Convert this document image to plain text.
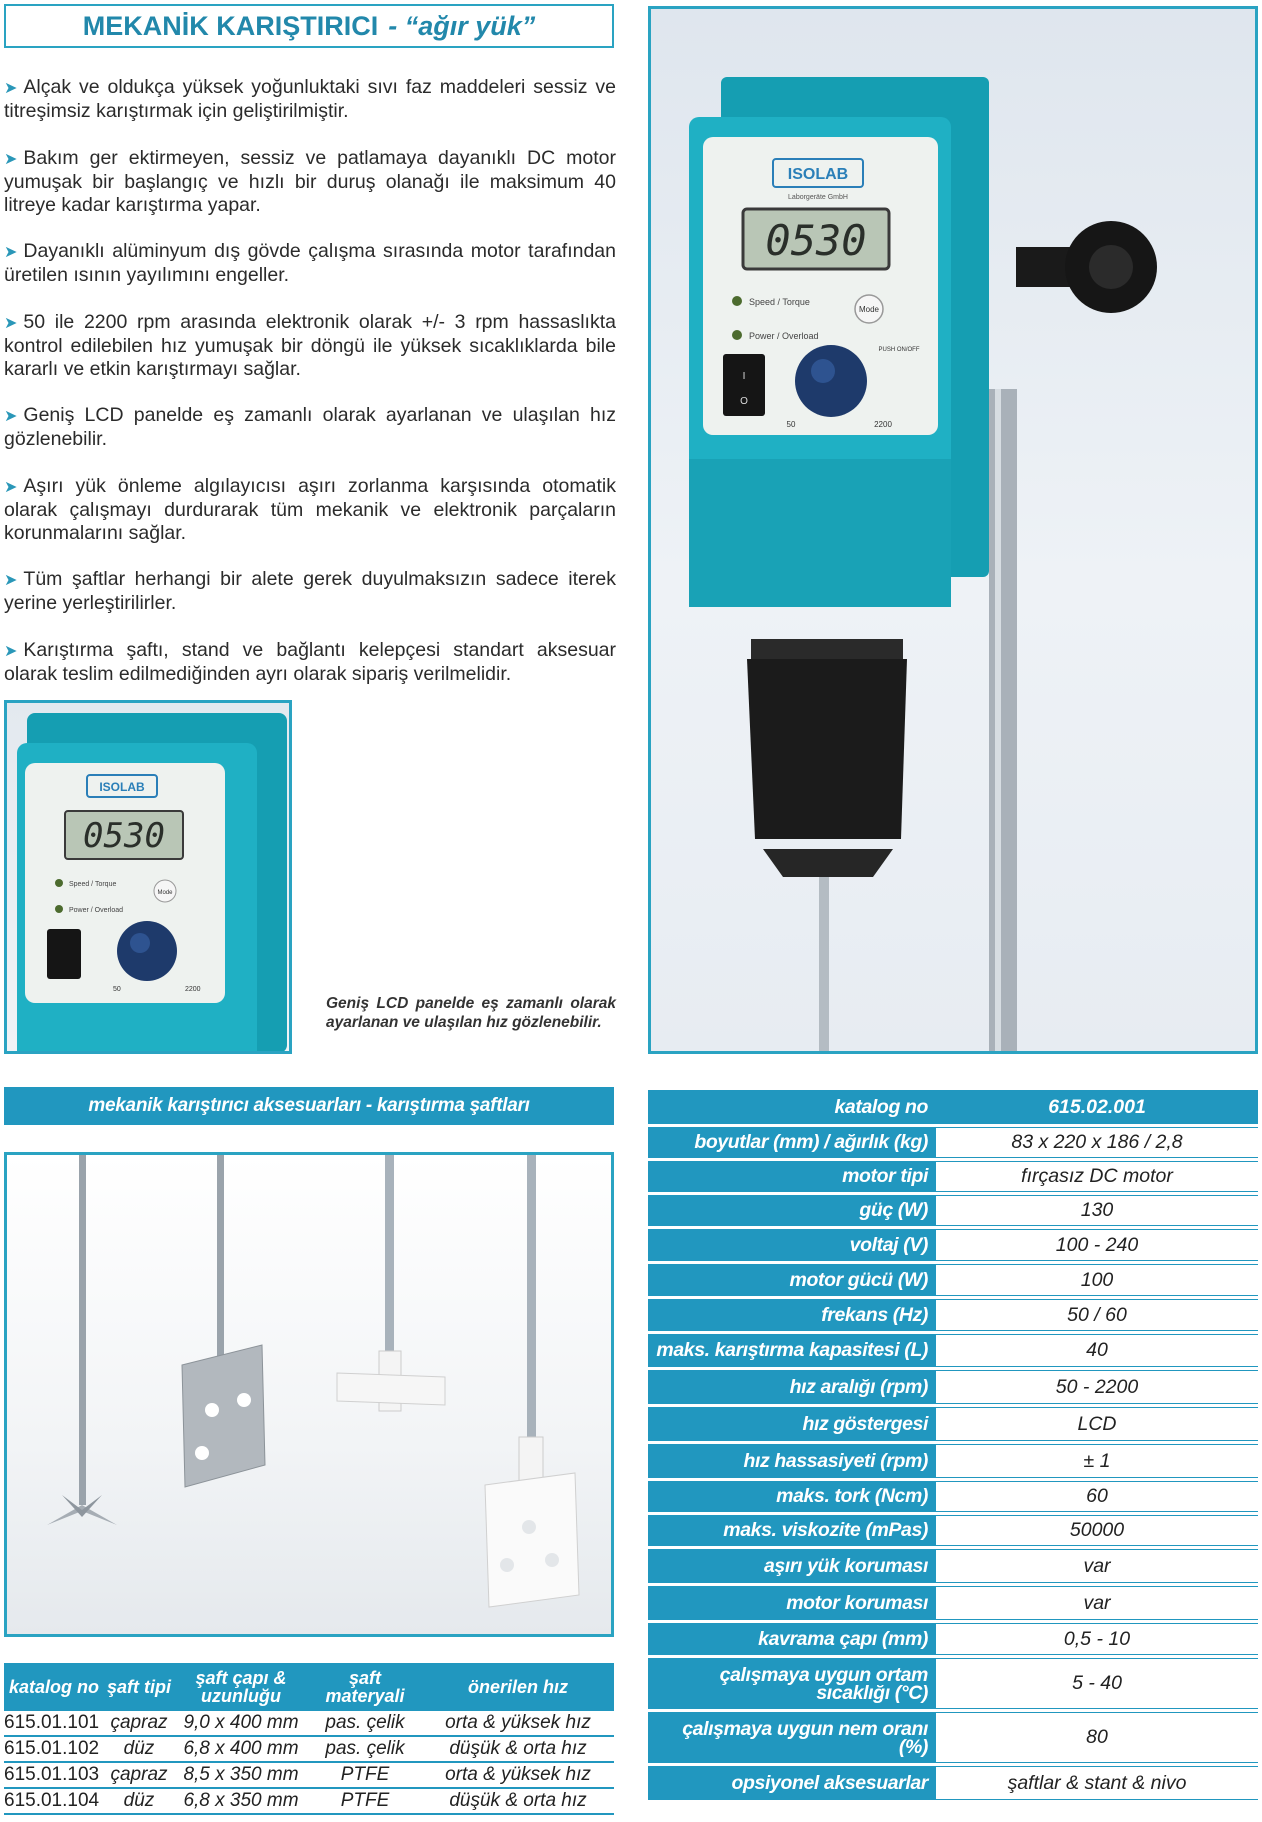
MEKANİK KARIŞTIRICI - “ağır yük”
➤ Alçak ve oldukça yüksek yoğunluktaki sıvı faz maddeleri sessiz ve titreşimsiz karıştırmak için geliştirilmiştir.
➤ Bakım ger ektirmeyen, sessiz ve patlamaya dayanıklı DC motor yumuşak bir başlangıç ve hızlı bir duruş olanağı ile maksimum 40 litreye kadar karıştırma yapar.
➤ Dayanıklı alüminyum dış gövde çalışma sırasında motor tarafından üretilen ısının yayılımını engeller.
➤ 50 ile 2200 rpm arasında elektronik olarak +/- 3 rpm hassaslıkta kontrol edilebilen hız yumuşak bir döngü ile yüksek sıcaklıklarda bile kararlı ve etkin karıştırmayı sağlar.
➤ Geniş LCD panelde eş zamanlı olarak ayarlanan ve ulaşılan hız gözlenebilir.
➤ Aşırı yük önleme algılayıcısı aşırı zorlanma karşısında otomatik olarak çalışmayı durdurarak tüm mekanik ve elektronik parçaların korunmalarını sağlar.
➤ Tüm şaftlar herhangi bir alete gerek duyulmaksızın sadece iterek yerine yerleştirilirler.
➤ Karıştırma şaftı, stand ve bağlantı kelepçesi standart aksesuar olarak teslim edilmediğinden ayrı olarak sipariş verilmelidir.
ISOLAB
Laborgeräte GmbH
0530
Speed / Torque
Power / Overload
Mode
PUSH ON/OFF
I
O
50	2200
ISOLAB
0530
Speed / Torque
Power / Overload
Mode
50	2200
Geniş LCD panelde eş zamanlı olarak ayarlanan ve ulaşılan hız gözlenebilir.
mekanik karıştırıcı aksesuarları - karıştırma şaftları
katalog no	şaft tipi	şaft çapı & uzunluğu	şaft materyali	önerilen hız
615.01.101	çapraz	9,0 x 400 mm	pas. çelik	orta & yüksek hız
615.01.102	düz	6,8 x 400 mm	pas. çelik	düşük & orta hız
615.01.103	çapraz	8,5 x 350 mm	PTFE	orta & yüksek hız
615.01.104	düz	6,8 x 350 mm	PTFE	düşük & orta hız
katalog no	615.02.001
boyutlar (mm) / ağırlık (kg)	83 x 220 x 186 / 2,8
motor tipi	fırçasız DC motor
güç (W)	130
voltaj (V)	100 - 240
motor gücü (W)	100
frekans (Hz)	50 / 60
maks. karıştırma kapasitesi (L)	40
hız aralığı (rpm)	50 - 2200
hız göstergesi	LCD
hız hassasiyeti (rpm)	± 1
maks. tork (Ncm)	60
maks. viskozite (mPas)	50000
aşırı yük koruması	var
motor koruması	var
kavrama çapı (mm)	0,5 - 10
çalışmaya uygun ortam sıcaklığı (°C)	5 - 40
çalışmaya uygun nem oranı (%)	80
opsiyonel aksesuarlar	şaftlar & stant & nivo
